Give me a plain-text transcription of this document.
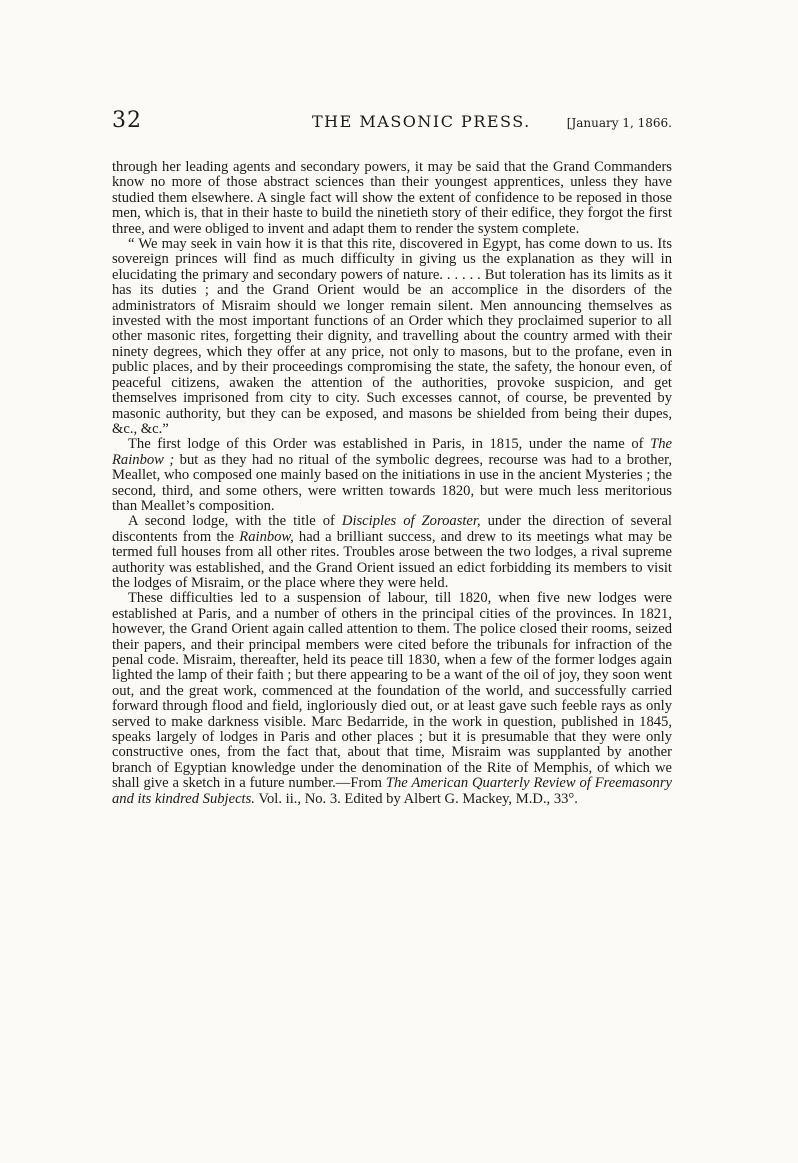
32	THE MASONIC PRESS.	[January 1, 1866.

through her leading agents and secondary powers, it may be said that the Grand Commanders know no more of those abstract sciences than their youngest apprentices, unless they have studied them elsewhere. A single fact will show the extent of confidence to be reposed in those men, which is, that in their haste to build the ninetieth story of their edifice, they forgot the first three, and were obliged to invent and adapt them to render the system complete.

“ We may seek in vain how it is that this rite, discovered in Egypt, has come down to us. Its sovereign princes will find as much difficulty in giving us the explanation as they will in elucidating the primary and secondary powers of nature. . . . . . But toleration has its limits as it has its duties ; and the Grand Orient would be an accomplice in the disorders of the administrators of Misraim should we longer remain silent. Men announcing themselves as invested with the most important functions of an Order which they proclaimed superior to all other masonic rites, forgetting their dignity, and travelling about the country armed with their ninety degrees, which they offer at any price, not only to masons, but to the profane, even in public places, and by their proceedings compromising the state, the safety, the honour even, of peaceful citizens, awaken the attention of the authorities, provoke suspicion, and get themselves imprisoned from city to city. Such excesses cannot, of course, be prevented by masonic authority, but they can be exposed, and masons be shielded from being their dupes, &c., &c.”

The first lodge of this Order was established in Paris, in 1815, under the name of The Rainbow ; but as they had no ritual of the symbolic degrees, recourse was had to a brother, Meallet, who composed one mainly based on the initiations in use in the ancient Mysteries ; the second, third, and some others, were written towards 1820, but were much less meritorious than Meallet’s composition.

A second lodge, with the title of Disciples of Zoroaster, under the direction of several discontents from the Rainbow, had a brilliant success, and drew to its meetings what may be termed full houses from all other rites. Troubles arose between the two lodges, a rival supreme authority was established, and the Grand Orient issued an edict forbidding its members to visit the lodges of Misraim, or the place where they were held.

These difficulties led to a suspension of labour, till 1820, when five new lodges were established at Paris, and a number of others in the principal cities of the provinces. In 1821, however, the Grand Orient again called attention to them. The police closed their rooms, seized their papers, and their principal members were cited before the tribunals for infraction of the penal code. Misraim, thereafter, held its peace till 1830, when a few of the former lodges again lighted the lamp of their faith ; but there appearing to be a want of the oil of joy, they soon went out, and the great work, commenced at the foundation of the world, and successfully carried forward through flood and field, ingloriously died out, or at least gave such feeble rays as only served to make darkness visible. Marc Bedarride, in the work in question, published in 1845, speaks largely of lodges in Paris and other places ; but it is presumable that they were only constructive ones, from the fact that, about that time, Misraim was supplanted by another branch of Egyptian knowledge under the denomination of the Rite of Memphis, of which we shall give a sketch in a future number.—From The American Quarterly Review of Freemasonry and its kindred Subjects. Vol. ii., No. 3. Edited by Albert G. Mackey, M.D., 33°.
